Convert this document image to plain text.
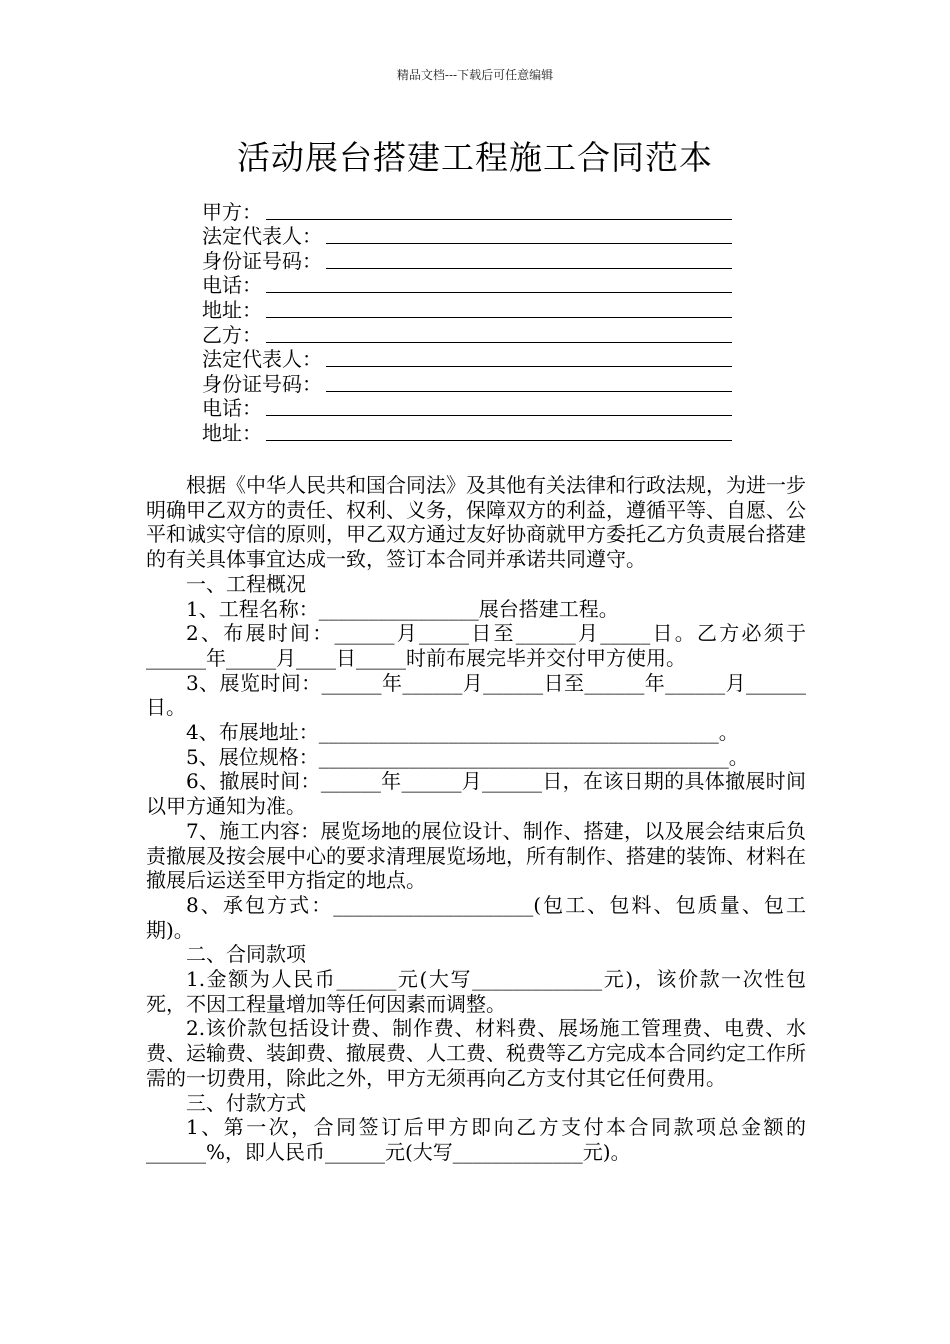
精品文档---下载后可任意编辑
活动展台搭建工程施工合同范本
甲方：
法定代表人：
身份证号码：
电话：
地址：
乙方：
法定代表人：
身份证号码：
电话：
地址：

根据《中华人民共和国合同法》及其他有关法律和行政法规，为进一步明确甲乙双方的责任、权利、义务，保障双方的利益，遵循平等、自愿、公平和诚实守信的原则，甲乙双方通过友好协商就甲方委托乙方负责展台搭建的有关具体事宜达成一致，签订本合同并承诺共同遵守。

一、工程概况

1、工程名称：________________展台搭建工程。

2、布展时间：______月_____日至______月_____日。乙方必须于______年_____月____日_____时前布展完毕并交付甲方使用。

3、展览时间：______年______月______日至______年______月______日。

4、布展地址：________________________________________。

5、展位规格：_________________________________________。

6、撤展时间：______年______月______日，在该日期的具体撤展时间以甲方通知为准。

7、施工内容：展览场地的展位设计、制作、搭建，以及展会结束后负责撤展及按会展中心的要求清理展览场地，所有制作、搭建的装饰、材料在撤展后运送至甲方指定的地点。

8、承包方式：____________________(包工、包料、包质量、包工期)。

二、合同款项

1.金额为人民币______元(大写_____________元)，该价款一次性包死，不因工程量增加等任何因素而调整。

2.该价款包括设计费、制作费、材料费、展场施工管理费、电费、水费、运输费、装卸费、撤展费、人工费、税费等乙方完成本合同约定工作所需的一切费用，除此之外，甲方无须再向乙方支付其它任何费用。

三、付款方式

1、第一次，合同签订后甲方即向乙方支付本合同款项总金额的______%，即人民币______元(大写_____________元)。
